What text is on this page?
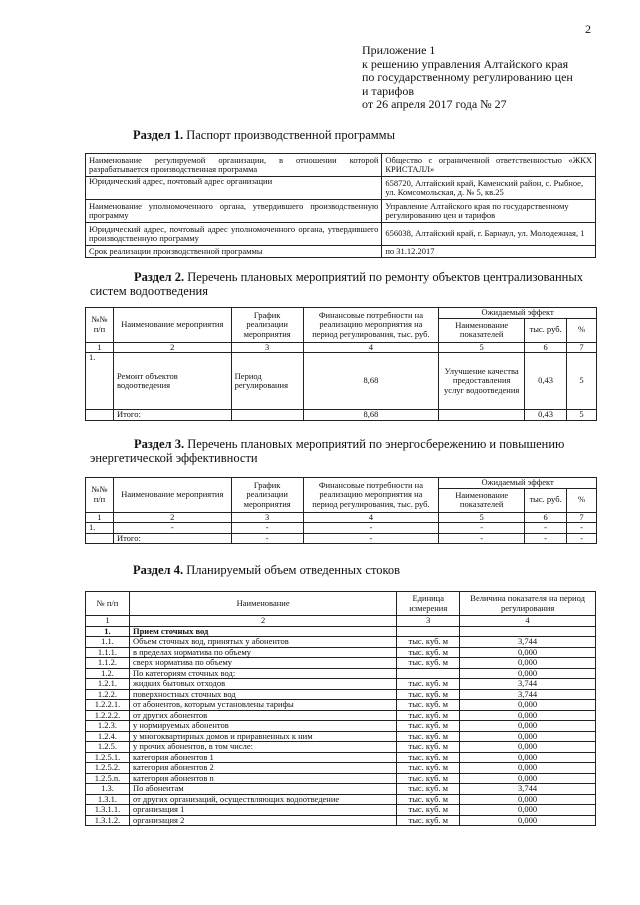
2
Приложение 1
к решению управления Алтайского края
по государственному регулированию цен
и тарифов
от 26 апреля 2017 года № 27
Раздел 1. Паспорт производственной программы
Наименование регулируемой организации, в отношении которой разрабатывается производственная программа	Общество с ограниченной ответственностью «ЖКХ КРИСТАЛЛ»
Юридический адрес, почтовый адрес организации	658720, Алтайский край, Каменский район, с. Рыбное, ул. Комсомольская, д. № 5, кв.25
Наименование уполномоченного органа, утвердившего производственную программу	Управление Алтайского края по государственному регулированию цен и тарифов
Юридический адрес, почтовый адрес уполномоченного органа, утвердившего производственную программу	656038, Алтайский край, г. Барнаул, ул. Молодежная, 1
Срок реализации производственной программы	по 31.12.2017
Раздел 2. Перечень плановых мероприятий по ремонту объектов централизованных систем водоотведения
№№ п/п	Наименование мероприятия	График реализации мероприятия	Финансовые потребности на реализацию мероприятия на период регулирования, тыс. руб.	Ожидаемый эффект		
				Наименование показателей	тыс. руб.	%
1	2	3	4	5	6	7
1.	Ремонт объектов водоотведения	Период регулирования	8,68	Улучшение качества предоставления услуг водоотведения	0,43	5
	Итого:		8,68		0,43	5
Раздел 3. Перечень плановых мероприятий по энергосбережению и повышению энергетической эффективности
№№ п/п	Наименование мероприятия	График реализации мероприятия	Финансовые потребности на реализацию мероприятия на период регулирования, тыс. руб.	Ожидаемый эффект		
				Наименование показателей	тыс. руб.	%
1	2	3	4	5	6	7
1.	-	-	-	-	-	-
	Итого:	-	-	-	-	-
Раздел 4. Планируемый объем отведенных стоков
№ п/п	Наименование	Единица измерения	Величина показателя на период регулирования
1	2	3	4
1.	Прием сточных вод		
1.1.	Объем сточных вод, принятых у абонентов	тыс. куб. м	3,744
1.1.1.	в пределах норматива по объему	тыс. куб. м	0,000
1.1.2.	сверх норматива по объему	тыс. куб. м	0,000
1.2.	По категориям сточных вод:		0,000
1.2.1.	жидких бытовых отходов	тыс. куб. м	3,744
1.2.2.	поверхностных сточных вод	тыс. куб. м	3,744
1.2.2.1.	от абонентов, которым установлены тарифы	тыс. куб. м	0,000
1.2.2.2.	от других абонентов	тыс. куб. м	0,000
1.2.3.	у нормируемых абонентов	тыс. куб. м	0,000
1.2.4.	у многоквартирных домов и приравненных к ним	тыс. куб. м	0,000
1.2.5.	у прочих абонентов, в том числе:	тыс. куб. м	0,000
1.2.5.1.	категория абонентов 1	тыс. куб. м	0,000
1.2.5.2.	категория абонентов 2	тыс. куб. м	0,000
1.2.5.n.	категория абонентов n	тыс. куб. м	0,000
1.3.	По абонентам	тыс. куб. м	3,744
1.3.1.	от других организаций, осуществляющих водоотведение	тыс. куб. м	0,000
1.3.1.1.	организация 1	тыс. куб. м	0,000
1.3.1.2.	организация 2	тыс. куб. м	0,000
